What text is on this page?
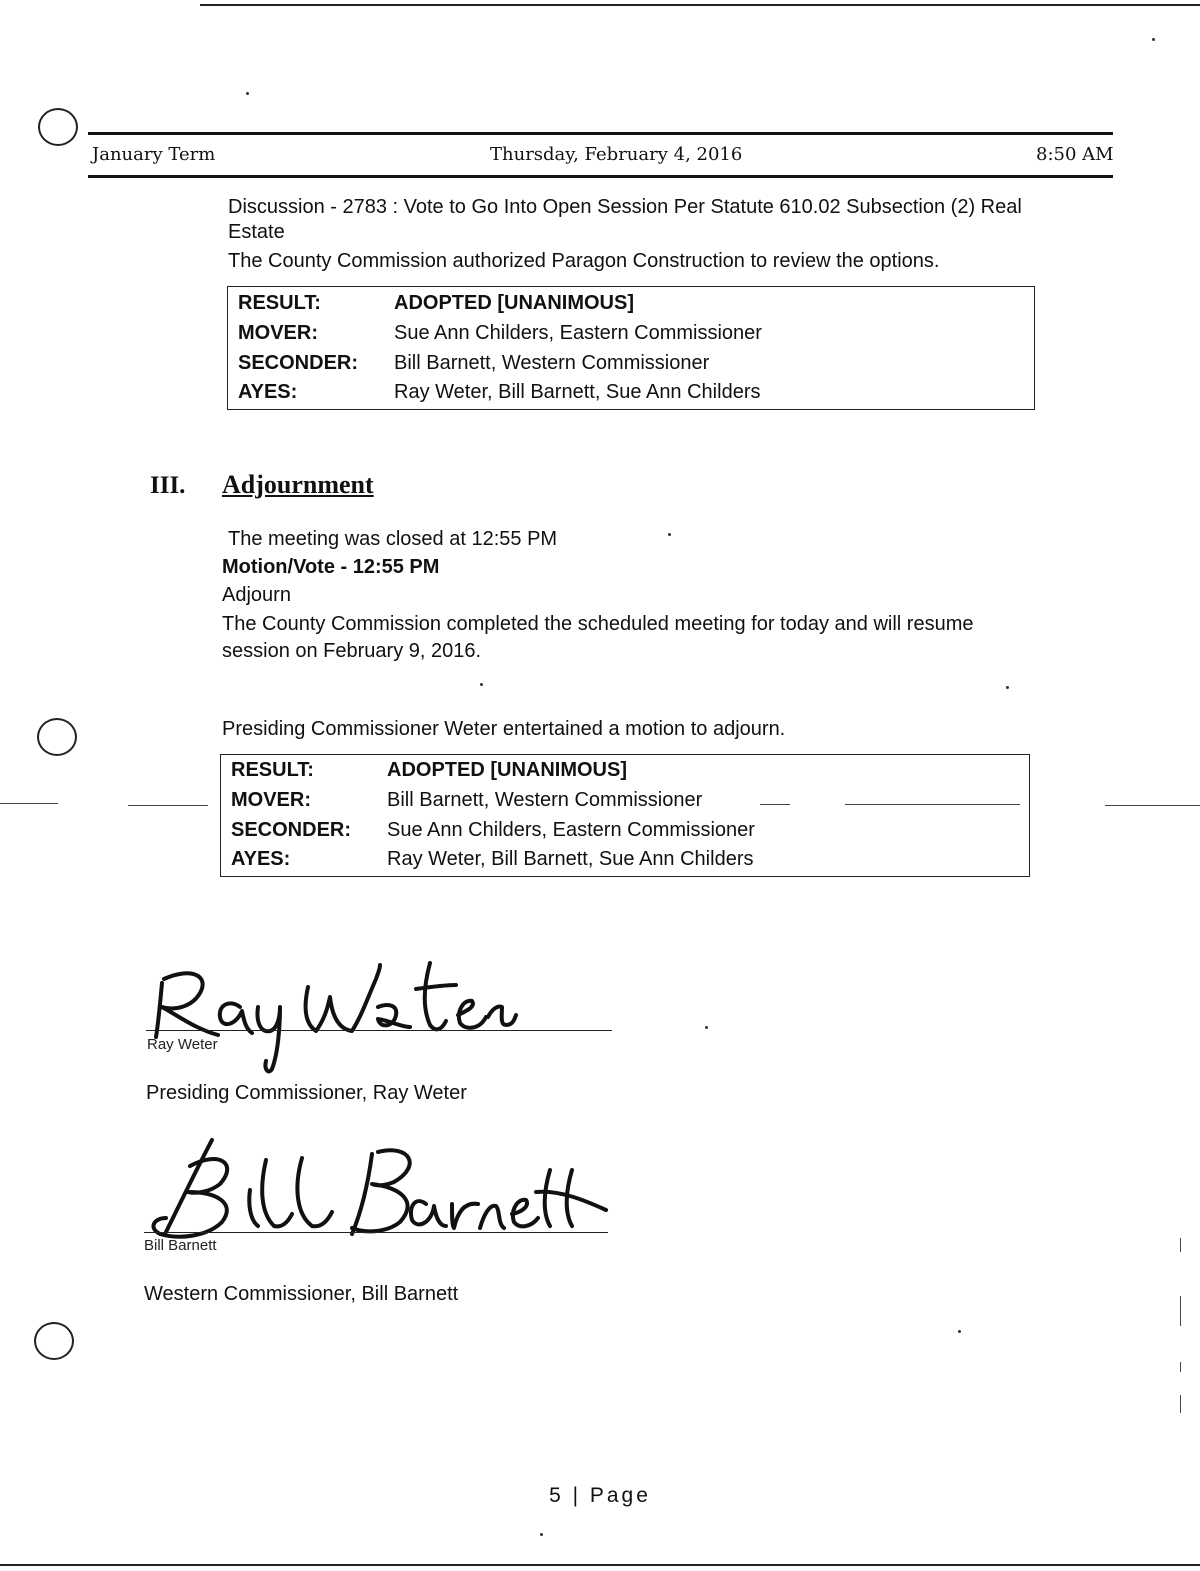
January Term	Thursday, February 4, 2016	8:50 AM
Discussion - 2783 : Vote to Go Into Open Session Per Statute 610.02 Subsection (2) Real
Estate
The County Commission authorized Paragon Construction to review the options.
RESULT:	ADOPTED [UNANIMOUS]
MOVER:	Sue Ann Childers, Eastern Commissioner
SECONDER: Bill Barnett, Western Commissioner
AYES:	Ray Weter, Bill Barnett, Sue Ann Childers
III. Adjournment
The meeting was closed at 12:55 PM
Motion/Vote - 12:55 PM
Adjourn
The County Commission completed the scheduled meeting for today and will resume
session on February 9, 2016.
Presiding Commissioner Weter entertained a motion to adjourn.
RESULT:	ADOPTED [UNANIMOUS]
MOVER:	Bill Barnett, Western Commissioner
SECONDER: Sue Ann Childers, Eastern Commissioner
AYES:	Ray Weter, Bill Barnett, Sue Ann Childers
Ray Weter
Presiding Commissioner, Ray Weter
Bill Barnett
Western Commissioner, Bill Barnett
5 | Page
